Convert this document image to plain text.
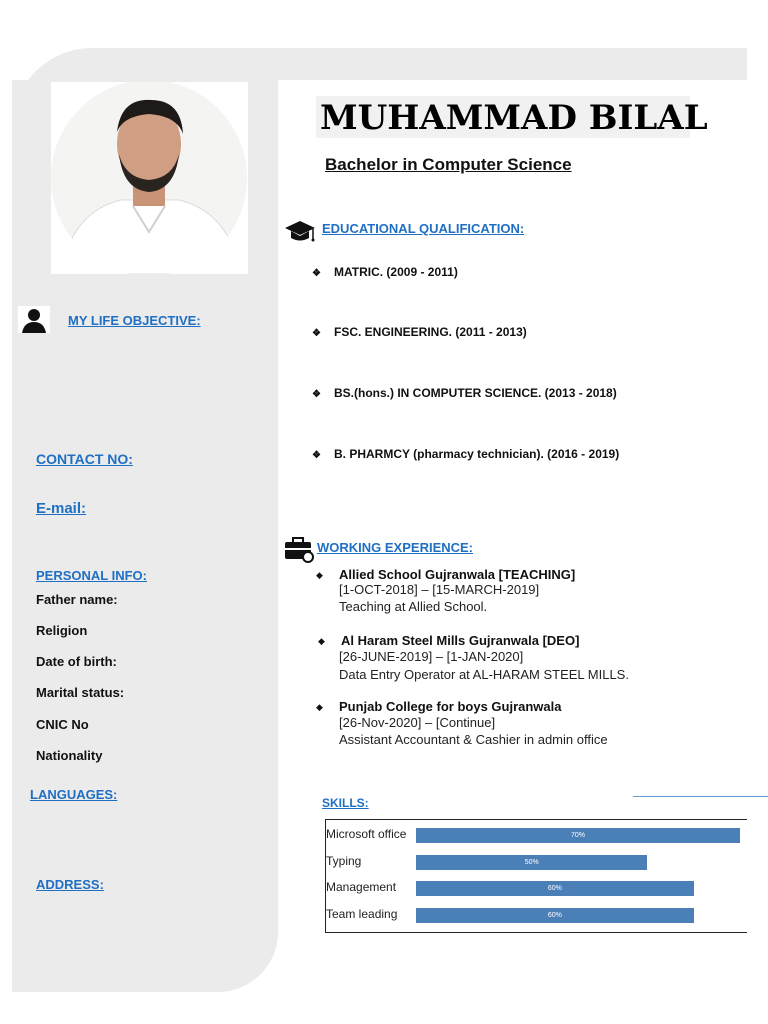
MUHAMMAD BILAL
Bachelor in Computer Science
MY LIFE OBJECTIVE:
CONTACT NO:
E-mail:
PERSONAL INFO:
Father name:
Religion
Date of birth:
Marital status:
CNIC No
Nationality
LANGUAGES:
ADDRESS:
EDUCATIONAL QUALIFICATION:
❖ MATRIC. (2009 - 2011)
❖ FSC. ENGINEERING. (2011 - 2013)
❖ BS.(hons.) IN COMPUTER SCIENCE. (2013 - 2018)
❖ B. PHARMCY (pharmacy technician). (2016 - 2019)
WORKING EXPERIENCE:
◆ Allied School Gujranwala [TEACHING]
[1-OCT-2018] – [15-MARCH-2019]
Teaching at Allied School.
◆ Al Haram Steel Mills Gujranwala [DEO]
[26-JUNE-2019] – [1-JAN-2020]
Data Entry Operator at AL-HARAM STEEL MILLS.
◆ Punjab College for boys Gujranwala
[26-Nov-2020] – [Continue]
Assistant Accountant & Cashier in admin office
SKILLS:
Microsoft office	70%
Typing	50%
Management	60%
Team leading	60%
